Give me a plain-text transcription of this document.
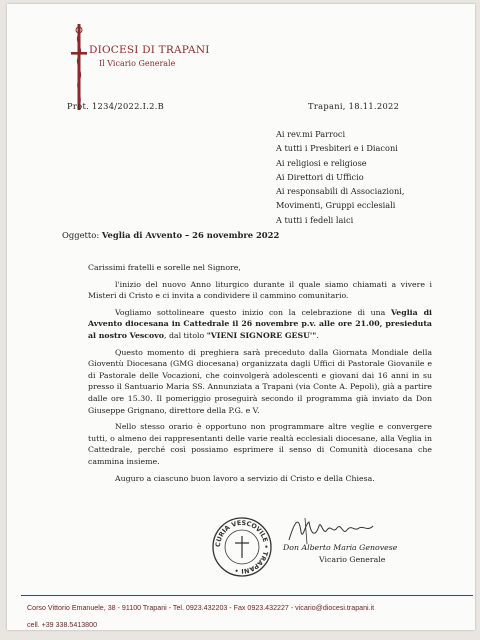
DIOCESI DI TRAPANI
Il Vicario Generale
Prot. 1234/2022.I.2.B	Trapani, 18.11.2022
Ai rev.mi Parroci
A tutti i Presbiteri e i Diaconi
Ai religiosi e religiose
Ai Direttori di Ufficio
Ai responsabili di Associazioni,
Movimenti, Gruppi ecclesiali
A tutti i fedeli laici
Oggetto: Veglia di Avvento – 26 novembre 2022

Carissimi fratelli e sorelle nel Signore,

l'inizio del nuovo Anno liturgico durante il quale siamo chiamati a vivere i Misteri di Cristo e ci invita a condividere il cammino comunitario.

Vogliamo sottolineare questo inizio con la celebrazione di una Veglia di Avvento diocesana in Cattedrale il 26 novembre p.v. alle ore 21.00, presieduta al nostro Vescovo, dal titolo "VIENI SIGNORE GESU'".

Questo momento di preghiera sarà preceduto dalla Giornata Mondiale della Gioventù Diocesana (GMG diocesana) organizzata dagli Uffici di Pastorale Giovanile e di Pastorale delle Vocazioni, che coinvolgerà adolescenti e giovani dai 16 anni in su presso il Santuario Maria SS. Annunziata a Trapani (via Conte A. Pepoli), già a partire dalle ore 15.30. Il pomeriggio proseguirà secondo il programma già inviato da Don Giuseppe Grignano, direttore della P.G. e V.

Nello stesso orario è opportuno non programmare altre veglie e convergere tutti, o almeno dei rappresentanti delle varie realtà ecclesiali diocesane, alla Veglia in Cattedrale, perché così possiamo esprimere il senso di Comunità diocesana che cammina insieme.

Auguro a ciascuno buon lavoro a servizio di Cristo e della Chiesa.

CURIA VESCOVILE • TRAPANI •
Don Alberto Maria Genovese
Vicario Generale
Corso Vittorio Emanuele, 38 - 91100 Trapani - Tel. 0923.432203 - Fax 0923.432227 - vicario@diocesi.trapani.it
cell. +39 338.5413800
